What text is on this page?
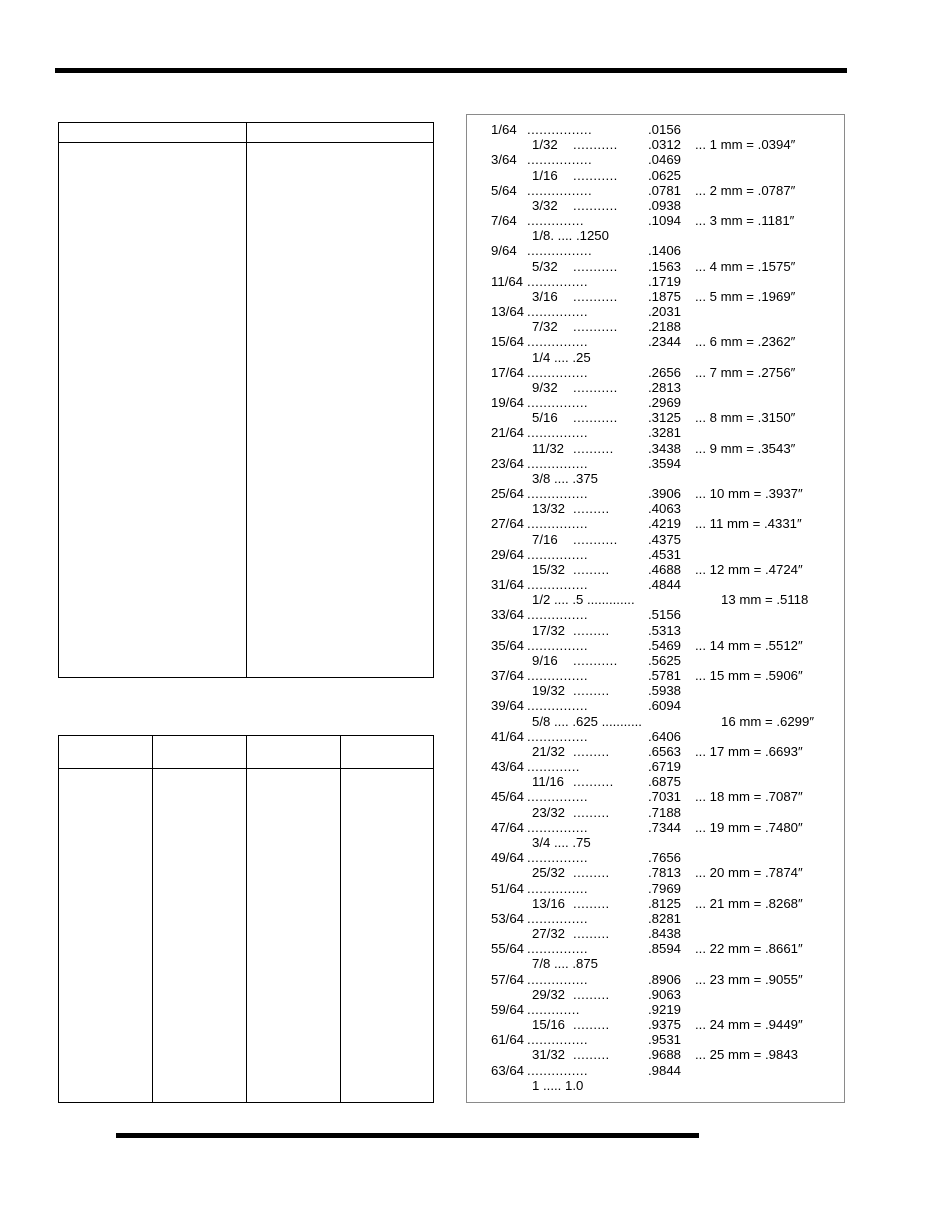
1/64 ................	.0156
1/32 ........... .0312 ... 1 mm = .0394″
3/64 ................	.0469
1/16 ........... .0625
5/64 ................	.0781 ... 2 mm = .0787″
3/32 ........... .0938
7/64 ..............	.1094 ... 3 mm = .1181″
1/8. .... .1250
9/64 ................	.1406
5/32 ........... .1563 ... 4 mm = .1575″
11/64 ...............	.1719
3/16 ........... .1875 ... 5 mm = .1969″
13/64 ...............	.2031
7/32 ........... .2188
15/64 ...............	.2344 ... 6 mm = .2362″
1/4 .... .25
17/64 ...............	.2656 ... 7 mm = .2756″
9/32 ........... .2813
19/64 ...............	.2969
5/16 ........... .3125 ... 8 mm = .3150″
21/64 ...............	.3281
11/32 ..........	.3438 ... 9 mm = .3543″
23/64 ...............	.3594
3/8 .... .375
25/64 ...............	.3906 ... 10 mm = .3937″
13/32 .........	.4063
27/64 ...............	.4219 ... 11 mm = .4331″
7/16 ........... .4375
29/64 ...............	.4531
15/32 .........	.4688 ... 12 mm = .4724″
31/64 ...............	.4844
1/2 .... .5 .............	13 mm = .5118
33/64 ...............	.5156
17/32 .........	.5313
35/64 ...............	.5469 ... 14 mm = .5512″
9/16 ........... .5625
37/64 ...............	.5781 ... 15 mm = .5906″
19/32 .........	.5938
39/64 ...............	.6094
5/8 .... .625 ...........	16 mm = .6299″
41/64 ...............	.6406
21/32 .........	.6563 ... 17 mm = .6693″
43/64 .............	.6719
11/16 ..........	.6875
45/64 ...............	.7031 ... 18 mm = .7087″
23/32 .........	.7188
47/64 ...............	.7344 ... 19 mm = .7480″
3/4 .... .75
49/64 ...............	.7656
25/32 .........	.7813 ... 20 mm = .7874″
51/64 ...............	.7969
13/16 .........	.8125 ... 21 mm = .8268″
53/64 ...............	.8281
27/32 .........	.8438
55/64 ...............	.8594 ... 22 mm = .8661″
7/8 .... .875
57/64 ...............	.8906 ... 23 mm = .9055″
29/32 .........	.9063
59/64 .............	.9219
15/16 .........	.9375 ... 24 mm = .9449″
61/64 ...............	.9531
31/32 .........	.9688 ... 25 mm = .9843
63/64 ...............	.9844
1 ..... 1.0
